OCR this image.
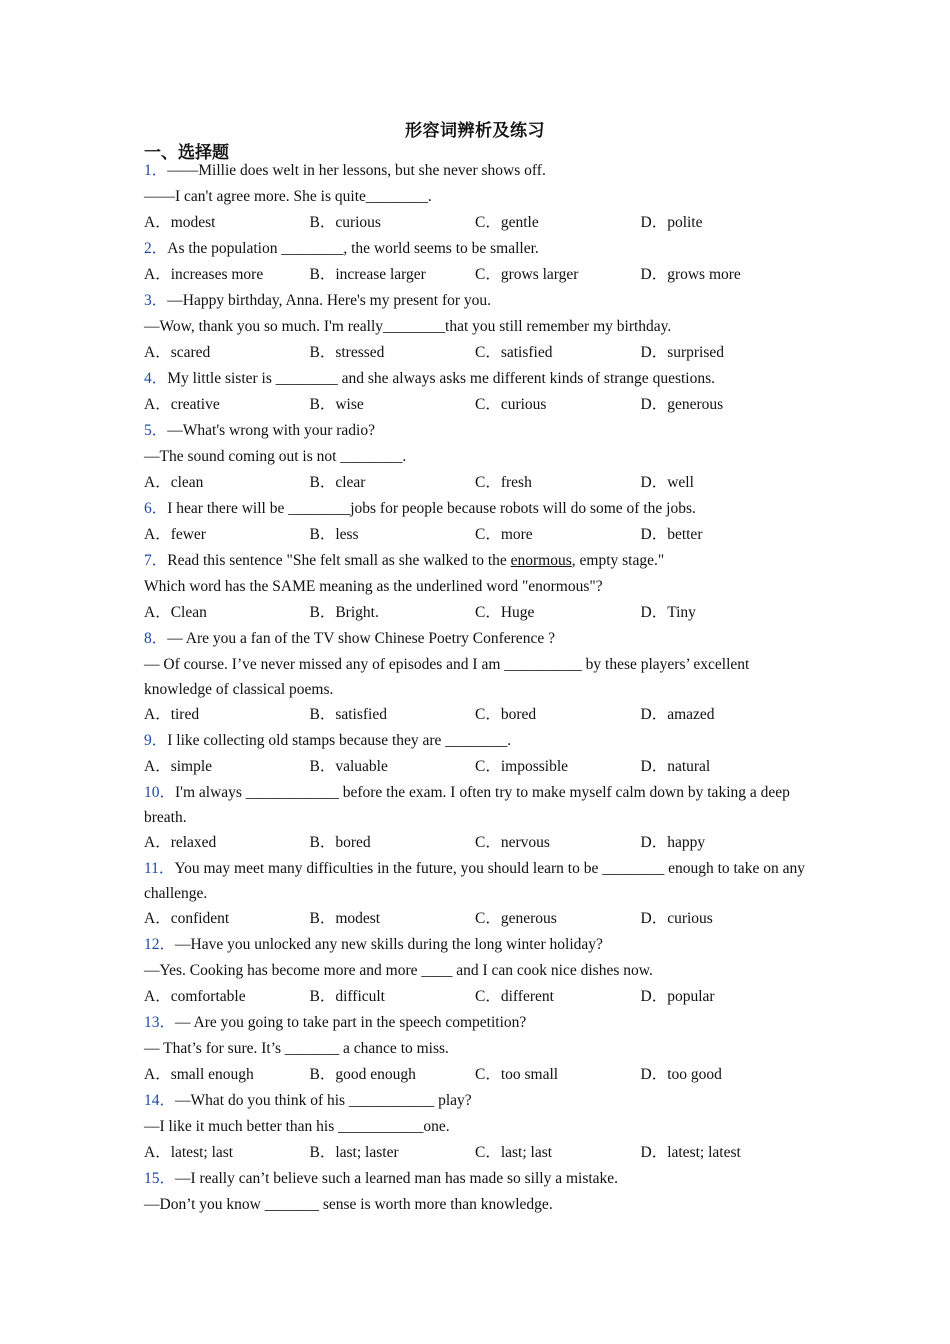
形容词辨析及练习
一、选择题
1．——Millie does welt in her lessons, but she never shows off.
——I can't agree more. She is quite________.
A．modest	B．curious	C．gentle	D．polite
2．As the population ________, the world seems to be smaller.
A．increases more	B．increase larger	C．grows larger	D．grows more
3．—Happy birthday, Anna. Here's my present for you.
—Wow, thank you so much. I'm really________that you still remember my birthday.
A．scared	B．stressed	C．satisfied	D．surprised
4．My little sister is ________ and she always asks me different kinds of strange questions.
A．creative	B．wise	C．curious	D．generous
5．—What's wrong with your radio?
—The sound coming out is not ________.
A．clean	B．clear	C．fresh	D．well
6．I hear there will be ________jobs for people because robots will do some of the jobs.
A．fewer	B．less	C．more	D．better
7．Read this sentence "She felt small as she walked to the enormous, empty stage."
Which word has the SAME meaning as the underlined word "enormous"?
A．Clean	B．Bright.	C．Huge	D．Tiny
8．— Are you a fan of the TV show Chinese Poetry Conference ?
— Of course. I’ve never missed any of episodes and I am __________ by these players’ excellent knowledge of classical poems.
A．tired	B．satisfied	C．bored	D．amazed
9．I like collecting old stamps because they are ________.
A．simple	B．valuable	C．impossible	D．natural
10．I'm always ____________ before the exam. I often try to make myself calm down by taking a deep breath.
A．relaxed	B．bored	C．nervous	D．happy
11．You may meet many difficulties in the future, you should learn to be ________ enough to take on any challenge.
A．confident	B．modest	C．generous	D．curious
12．—Have you unlocked any new skills during the long winter holiday?
—Yes. Cooking has become more and more ____ and I can cook nice dishes now.
A．comfortable	B．difficult	C．different	D．popular
13．— Are you going to take part in the speech competition?
— That’s for sure. It’s _______ a chance to miss.
A．small enough	B．good enough	C．too small	D．too good
14．—What do you think of his ___________ play?
—I like it much better than his ___________one.
A．latest; last	B．last; laster	C．last; last	D．latest; latest
15．—I really can’t believe such a learned man has made so silly a mistake.
—Don’t you know _______ sense is worth more than knowledge.
